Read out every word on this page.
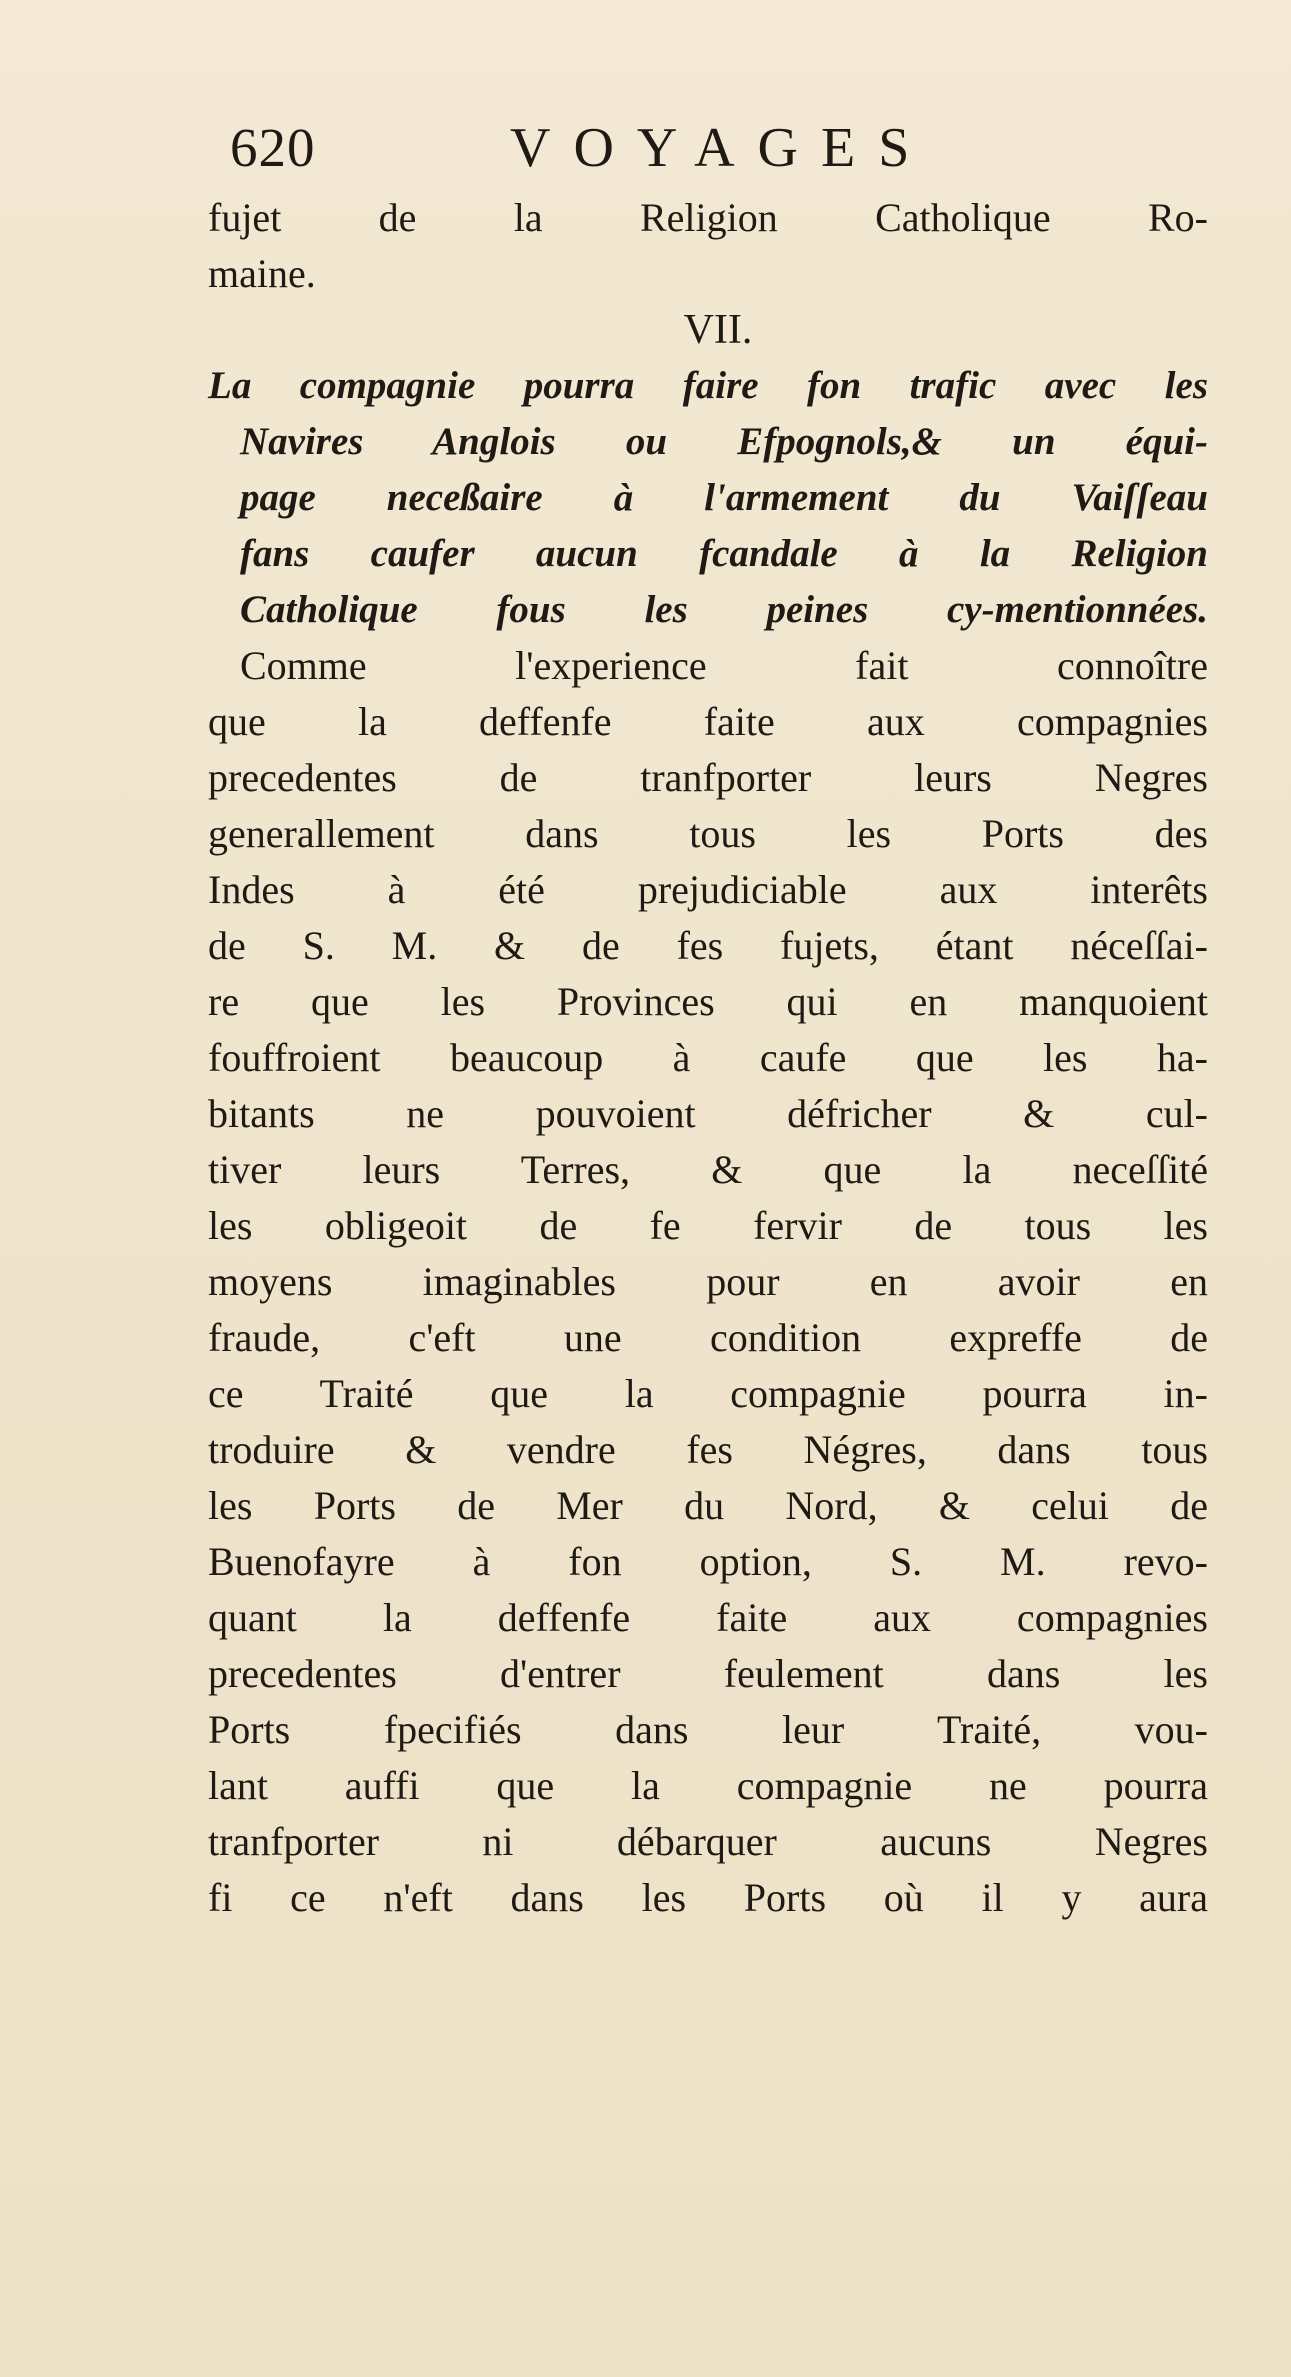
620	VOYAGES
fujet de la Religion Catholique Ro-
maine.
VII.
La compagnie pourra faire fon trafic avec les
Navires Anglois ou Efpognols,& un équi-
page neceßaire à l'armement du Vaiſſeau
fans caufer aucun fcandale à la Religion
Catholique fous les peines cy-mentionnées.
Comme l'experience fait connoître
que la deffenfe faite aux compagnies
precedentes de tranfporter leurs Negres
generallement dans tous les Ports des
Indes à été prejudiciable aux interêts
de S. M. & de fes fujets, étant néceſſai-
re que les Provinces qui en manquoient
fouffroient beaucoup à caufe que les ha-
bitants ne pouvoient défricher & cul-
tiver leurs Terres, & que la neceſſité
les obligeoit de fe fervir de tous les
moyens imaginables pour en avoir en
fraude, c'eft une condition expreffe de
ce Traité que la compagnie pourra in-
troduire & vendre fes Négres, dans tous
les Ports de Mer du Nord, & celui de
Buenofayre à fon option, S. M. revo-
quant la deffenfe faite aux compagnies
precedentes d'entrer feulement dans les
Ports fpecifiés dans leur Traité, vou-
lant auffi que la compagnie ne pourra
tranfporter ni débarquer aucuns Negres
fi ce n'eft dans les Ports où il y aura
